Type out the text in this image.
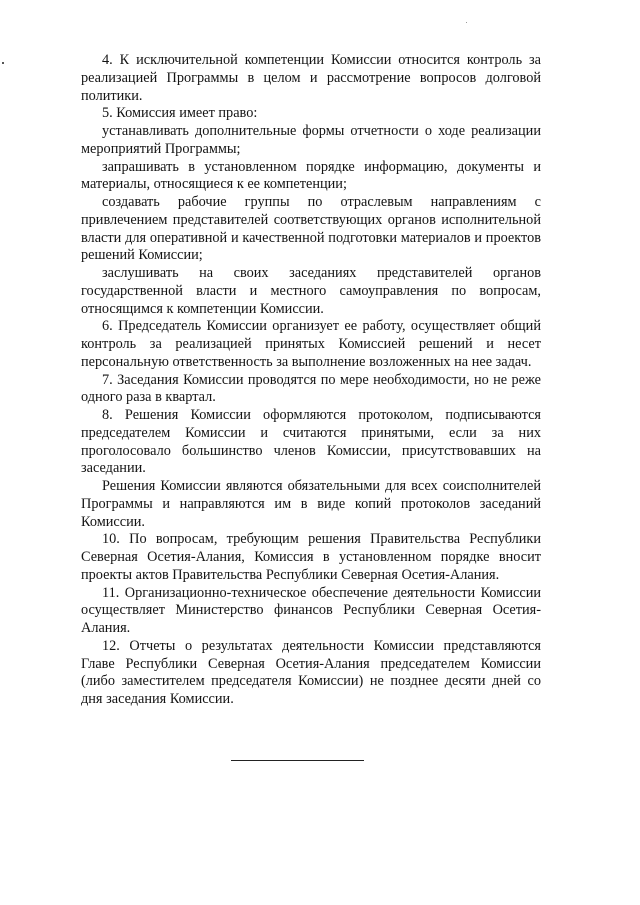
4. К исключительной компетенции Комиссии относится контроль за реализацией Программы в целом и рассмотрение вопросов долговой политики.

5. Комиссия имеет право:

устанавливать дополнительные формы отчетности о ходе реализации мероприятий Программы;

запрашивать в установленном порядке информацию, документы и материалы, относящиеся к ее компетенции;

создавать рабочие группы по отраслевым направлениям с привлечением представителей соответствующих органов исполнительной власти для оперативной и качественной подготовки материалов и проектов решений Комиссии;

заслушивать на своих заседаниях представителей органов государственной власти и местного самоуправления по вопросам, относящимся к компетенции Комиссии.

6. Председатель Комиссии организует ее работу, осуществляет общий контроль за реализацией принятых Комиссией решений и несет персональную ответственность за выполнение возложенных на нее задач.

7. Заседания Комиссии проводятся по мере необходимости, но не реже одного раза в квартал.

8. Решения Комиссии оформляются протоколом, подписываются председателем Комиссии и считаются принятыми, если за них проголосовало большинство членов Комиссии, присутствовавших на заседании.

Решения Комиссии являются обязательными для всех соисполнителей Программы и направляются им в виде копий протоколов заседаний Комиссии.

10. По вопросам, требующим решения Правительства Республики Северная Осетия-Алания, Комиссия в установленном порядке вносит проекты актов Правительства Республики Северная Осетия-Алания.

11. Организационно-техническое обеспечение деятельности Комиссии осуществляет Министерство финансов Республики Северная Осетия-Алания.

12. Отчеты о результатах деятельности Комиссии представляются Главе Республики Северная Осетия-Алания председателем Комиссии (либо заместителем председателя Комиссии) не позднее десяти дней со дня заседания Комиссии.
